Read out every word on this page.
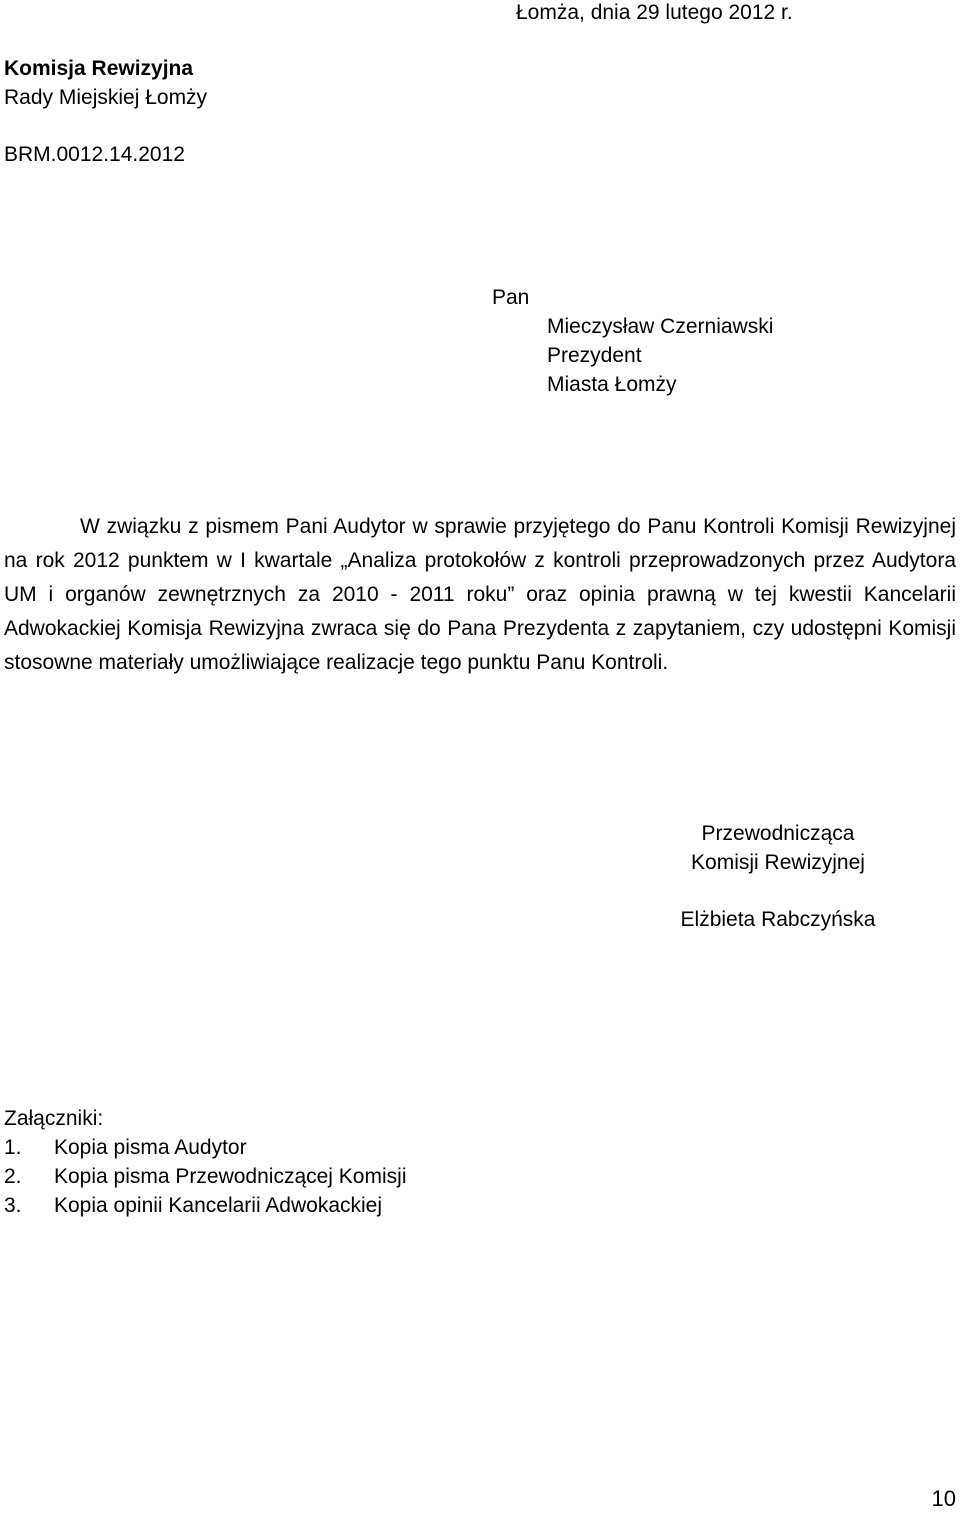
Łomża, dnia 29 lutego 2012 r.
Komisja Rewizyjna
Rady Miejskiej Łomży
BRM.0012.14.2012
Pan
Mieczysław Czerniawski
Prezydent
Miasta Łomży

W związku z pismem Pani Audytor w sprawie przyjętego do Panu Kontroli Komisji Rewizyjnej na rok 2012 punktem w I kwartale „Analiza protokołów z kontroli przeprowadzonych przez Audytora UM i organów zewnętrznych za 2010 - 2011 roku” oraz opinia prawną w tej kwestii Kancelarii Adwokackiej Komisja Rewizyjna zwraca się do Pana Prezydenta z zapytaniem, czy udostępni Komisji stosowne materiały umożliwiające realizacje tego punktu Panu Kontroli.

Przewodnicząca
Komisji Rewizyjnej
Elżbieta Rabczyńska
Załączniki:
1. Kopia pisma Audytor
2. Kopia pisma Przewodniczącej Komisji
3. Kopia opinii Kancelarii Adwokackiej
10
